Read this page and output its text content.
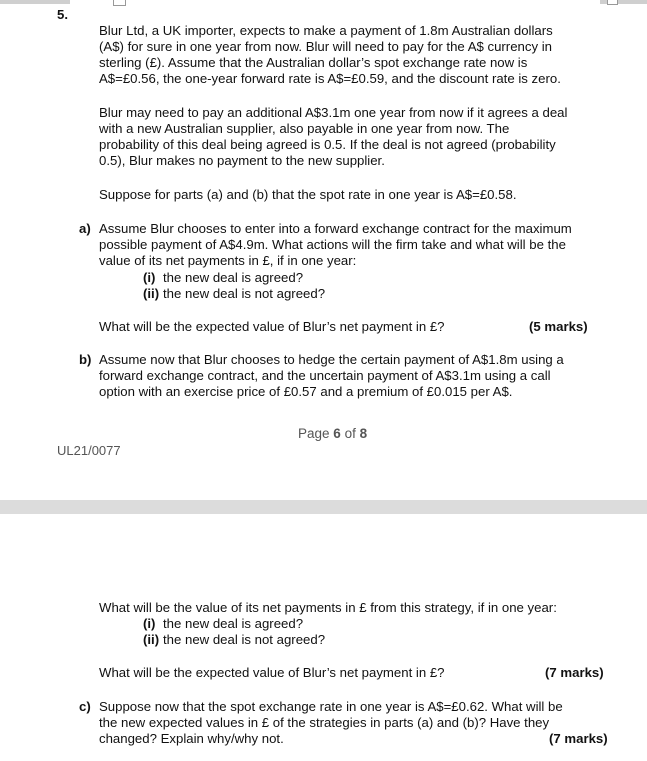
5.
Blur Ltd, a UK importer, expects to make a payment of 1.8m Australian dollars
(A$) for sure in one year from now. Blur will need to pay for the A$ currency in
sterling (£). Assume that the Australian dollar’s spot exchange rate now is
A$=£0.56, the one-year forward rate is A$=£0.59, and the discount rate is zero.
Blur may need to pay an additional A$3.1m one year from now if it agrees a deal
with a new Australian supplier, also payable in one year from now. The
probability of this deal being agreed is 0.5. If the deal is not agreed (probability
0.5), Blur makes no payment to the new supplier.
Suppose for parts (a) and (b) that the spot rate in one year is A$=£0.58.
a) Assume Blur chooses to enter into a forward exchange contract for the maximum
possible payment of A$4.9m. What actions will the firm take and what will be the
value of its net payments in £, if in one year:
(i) the new deal is agreed?
(ii) the new deal is not agreed?
What will be the expected value of Blur’s net payment in £?	(5 marks)
b) Assume now that Blur chooses to hedge the certain payment of A$1.8m using a
forward exchange contract, and the uncertain payment of A$3.1m using a call
option with an exercise price of £0.57 and a premium of £0.015 per A$.
Page 6 of 8
UL21/0077
What will be the value of its net payments in £ from this strategy, if in one year:
(i) the new deal is agreed?
(ii) the new deal is not agreed?
What will be the expected value of Blur’s net payment in £?	(7 marks)
c) Suppose now that the spot exchange rate in one year is A$=£0.62. What will be
the new expected values in £ of the strategies in parts (a) and (b)? Have they
changed? Explain why/why not.	(7 marks)
